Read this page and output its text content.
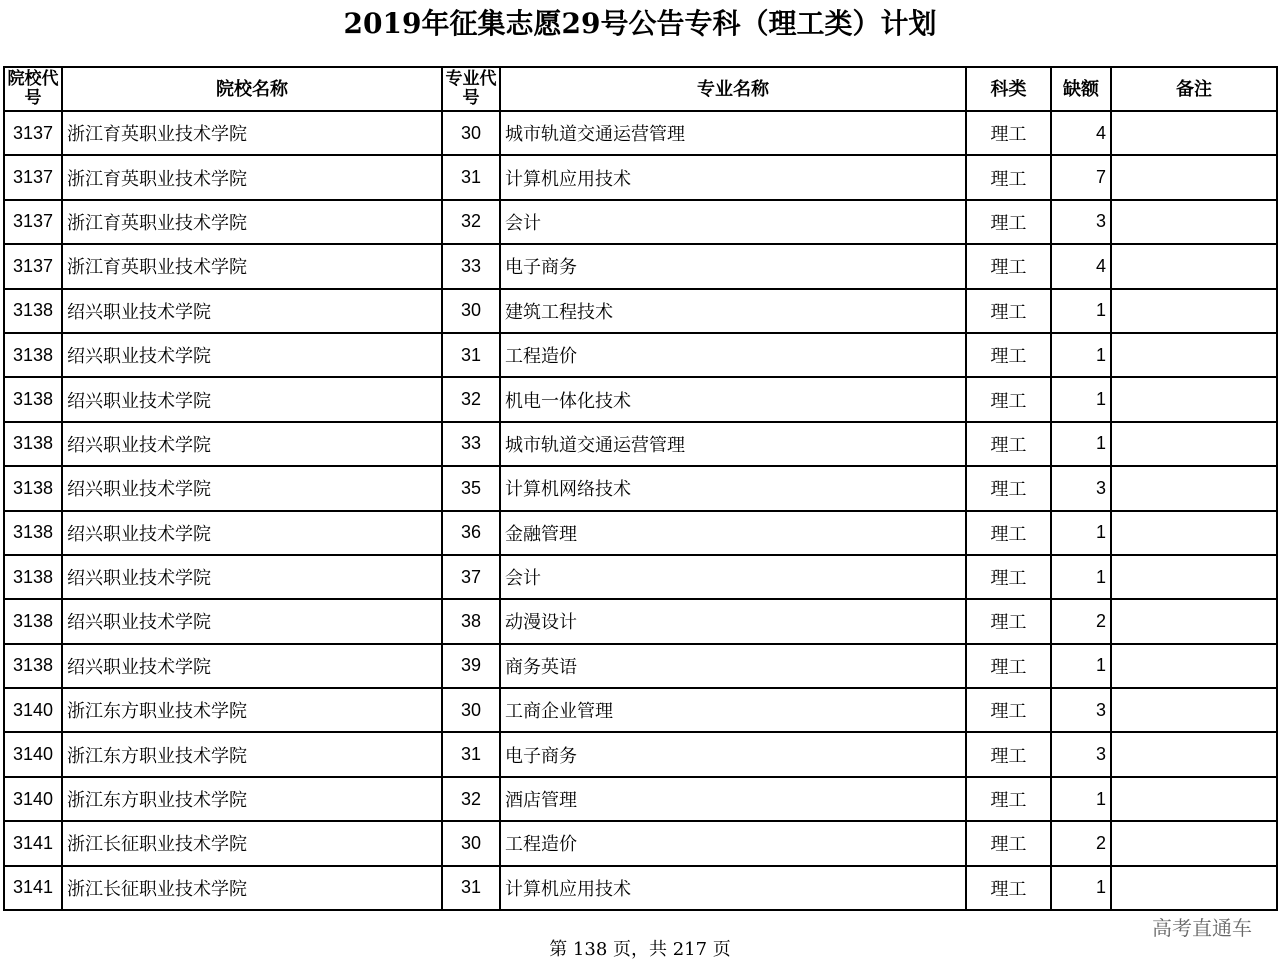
2019年征集志愿29号公告专科（理工类）计划
院校代号	院校名称	专业代号	专业名称	科类	缺额	备注
3137	浙江育英职业技术学院	30	城市轨道交通运营管理	理工	4	
3137	浙江育英职业技术学院	31	计算机应用技术	理工	7	
3137	浙江育英职业技术学院	32	会计	理工	3	
3137	浙江育英职业技术学院	33	电子商务	理工	4	
3138	绍兴职业技术学院	30	建筑工程技术	理工	1	
3138	绍兴职业技术学院	31	工程造价	理工	1	
3138	绍兴职业技术学院	32	机电一体化技术	理工	1	
3138	绍兴职业技术学院	33	城市轨道交通运营管理	理工	1	
3138	绍兴职业技术学院	35	计算机网络技术	理工	3	
3138	绍兴职业技术学院	36	金融管理	理工	1	
3138	绍兴职业技术学院	37	会计	理工	1	
3138	绍兴职业技术学院	38	动漫设计	理工	2	
3138	绍兴职业技术学院	39	商务英语	理工	1	
3140	浙江东方职业技术学院	30	工商企业管理	理工	3	
3140	浙江东方职业技术学院	31	电子商务	理工	3	
3140	浙江东方职业技术学院	32	酒店管理	理工	1	
3141	浙江长征职业技术学院	30	工程造价	理工	2	
3141	浙江长征职业技术学院	31	计算机应用技术	理工	1	
高考直通车
第 138 页，共 217 页
